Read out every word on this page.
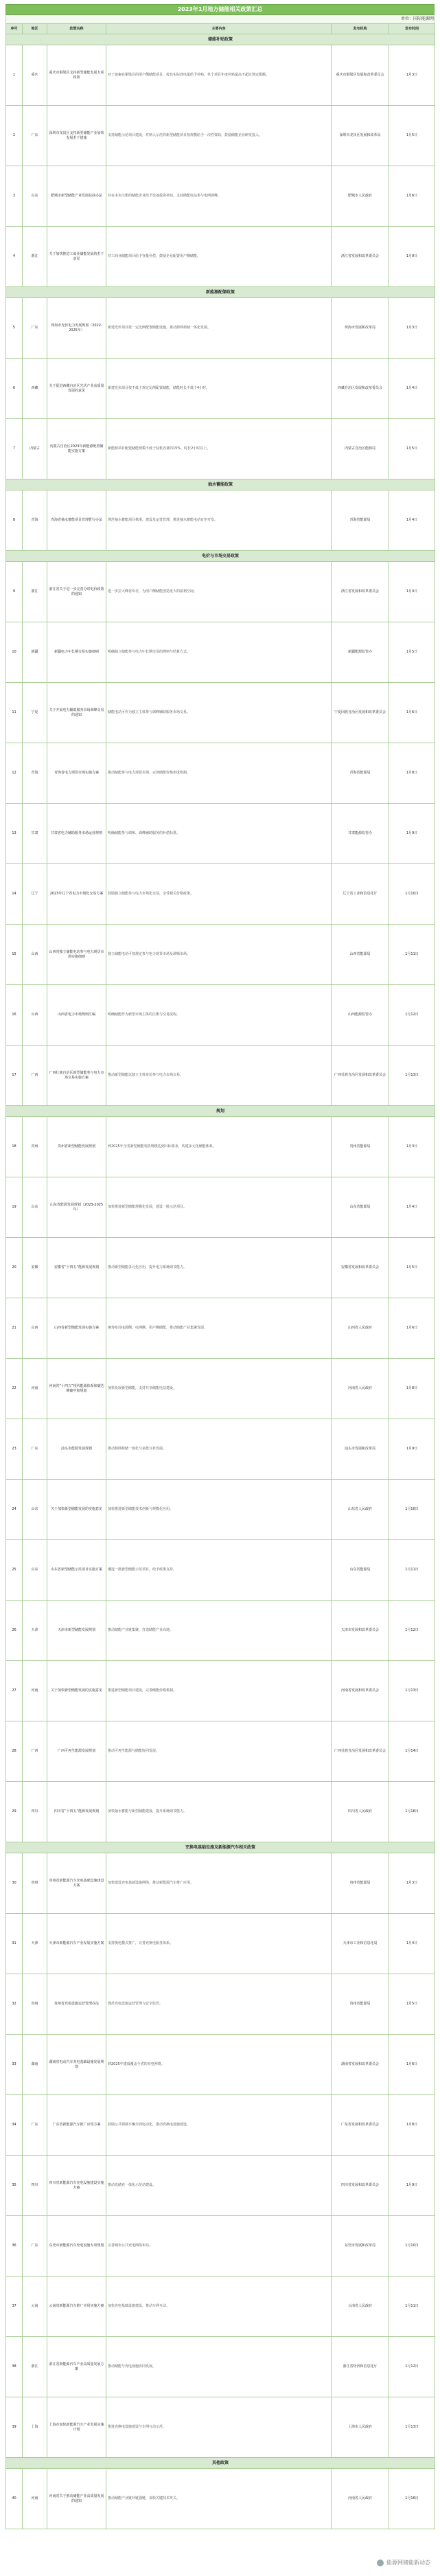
2023年1月地方储能相关政策汇总
单位：国际能源网
序号	地区	政策名称	主要内容	发布机构	发布时间
储能补贴政策					
1	重庆	重庆市铜梁区支持新型储能发展专项政策	对于备案在铜梁区的用户侧储能项目，按其实际放电量给予补贴，单个项目年度补贴最高不超过规定限额。	重庆市铜梁区发展和改革委员会	1月3日
2	广东	深圳市龙岗区支持新型储能产业加快发展若干措施	支持储能示范项目建设，对纳入示范的新型储能项目按规模给予一次性资助，鼓励储能企业研发投入。	深圳市龙岗区发展和改革局	1月5日
3	山东	肥城市新型储能产业发展扶持办法	对在本市注册的储能企业给予设备投资补助，支持储能电站参与电网调峰。	肥城市人民政府	1月6日
4	浙江	关于加快推进工商业储能发展的若干意见	对工商业储能项目给予容量补偿，鼓励企业配置用户侧储能。	浙江省发展和改革委员会	1月9日
新能源配储政策					
5	广东	珠海市光伏电力发展规划（2022-2025年）	新建光伏项目按一定比例配置储能设施，推动源网荷储一体化发展。	珠海市发展和改革局	1月3日
6	西藏	关于促进西藏自治区光伏产业高质量发展的意见	新建光伏项目按不低于规定比例配置储能，储能时长不低于4小时。	西藏自治区发展和改革委员会	1月4日
7	内蒙古	内蒙古自治区2023年新能源配置储能实施方案	新能源项目配建储能规模不低于装机容量的15%，时长2小时以上。	内蒙古自治区能源局	1月5日
抽水蓄能政策					
8	青海	青海省抽水蓄能项目管理暂行办法	规范抽水蓄能项目核准、建设及运营管理，推进抽水蓄能电站有序开发。	青海省能源局	1月4日
电价与市场交易政策					
9	浙江	浙江省关于进一步完善分时电价政策的通知	进一步拉大峰谷价差，为用户侧储能创造更大的盈利空间。	浙江省发展和改革委员会	1月4日
10	新疆	新疆电力中长期交易实施细则	明确独立储能参与电力中长期交易的规则与结算方式。	新疆能源监管办	1月5日
11	宁夏	关于开展电力辅助服务市场调峰交易的通知	储能电站可作为独立主体参与调峰辅助服务市场交易。	宁夏回族自治区发展和改革委员会	1月6日
12	青海	青海省电力现货市场实施方案	推动储能参与电力现货市场，完善储能价格形成机制。	青海省能源局	1月8日
13	甘肃	甘肃省电力辅助服务市场运营规则	明确储能参与调频、调峰辅助服务的补偿标准。	甘肃能源监管办	1月9日
14	辽宁	2023年辽宁省电力市场化交易方案	鼓励独立储能参与电力市场化交易，享受相关价格政策。	辽宁省工业和信息化厅	1月10日
15	山西	山西省独立储能电站参与电力现货市场实施细则	独立储能电站可按规定参与电力现货市场及调频市场。	山西省能源局	1月11日
16	山西	山西省电力市场规则汇编	明确储能作为新型市场主体的注册与交易流程。	山西能源监管办	1月12日
17	广西	广西壮族自治区新型储能参与电力市场交易实施方案	推动新型储能以独立主体身份参与电力市场交易。	广西壮族自治区发展和改革委员会	1月13日
规划					
18	贵州	贵州省新型储能发展规划	到2025年全省新型储能装机规模达到目标要求，构建多元化储能体系。	贵州省能源局	1月3日
19	山东	山东省能源发展规划（2023-2025年）	加快推进新型储能规模化发展，建设一批示范项目。	山东省能源局	1月4日
20	安徽	安徽省“十四五”能源发展规划	推动新型储能多元化应用，提升电力系统调节能力。	安徽省发展和改革委员会	1月5日
21	山西	山西省新型储能发展实施方案	统筹布局电源侧、电网侧、用户侧储能，推动储能产业集聚发展。	山西省人民政府	1月6日
22	河南	河南省“十四五”现代能源体系和碳达峰碳中和规划	加快发展新型储能，支持共享储能电站建设。	河南省人民政府	1月8日
23	广东	汕头市能源发展规划	推动源网荷储一体化与多能互补发展。	汕头市发展和改革局	1月9日
24	山东	关于加快新型储能发展的实施意见	加快推进新型储能技术创新与规模化应用。	山东省人民政府	1月10日
25	山东	山东省新型储能示范项目实施方案	遴选一批新型储能示范项目，给予政策支持。	山东省能源局	1月11日
26	天津	天津市新型储能发展规划	推动储能产业链集聚，打造储能产业高地。	天津市发展和改革委员会	1月12日
27	河南	关于加快新型储能发展的实施意见	推进新型储能项目建设，完善储能价格机制。	河南省发展和改革委员会	1月13日
28	广西	广西可再生能源发展规划	推动可再生能源与储能协同发展。	广西壮族自治区发展和改革委员会	1月14日
29	四川	四川省“十四五”能源发展规划	加快抽水蓄能与新型储能建设，提升系统调节能力。	四川省人民政府	1月16日
充换电基础设施及新能源汽车相关政策					
30	贵州	贵州省新能源汽车充电基础设施建设方案	加快建设充电基础设施网络，推动新能源汽车推广应用。	贵州省能源局	1月3日
31	天津	天津市新能源汽车产业发展实施方案	支持换电模式推广，完善充换电服务体系。	天津市工业和信息化局	1月4日
32	贵州	贵州省充电设施运营管理办法	规范充电设施运营管理与安全监管。	贵州省能源局	1月5日
33	湖南	湖南省电动汽车充电基础设施发展规划	到2025年建成覆盖全省的充电网络。	湖南省发展和改革委员会	1月6日
34	广东	广东省新能源汽车推广应用方案	鼓励公共领域车辆全面电动化，推动充换电设施建设。	广东省发展和改革委员会	1月8日
35	四川	四川省新能源汽车充电设施建设实施方案	推动光储充一体化示范站建设。	四川省发展和改革委员会	1月9日
36	广东	东莞市新能源汽车充电设施专项规划	完善城市公共充电网络布局。	东莞市发展和改革局	1月10日
37	云南	云南省新能源汽车推广应用实施方案	加快充电基础设施建设，推动车网互动。	云南省人民政府	1月11日
38	浙江	浙江省新能源汽车产业高质量发展方案	推动储能与充电设施协同发展。	浙江省经济和信息化厅	1月12日
39	上海	上海市加快新能源汽车产业发展实施计划	推进充换电设施建设与车网互动示范。	上海市人民政府	1月13日
其他政策					
40	河南	河南省关于推动储能产业高质量发展的通知	推动储能产业链补链强链，加快关键技术攻关。	河南省人民政府	1月16日
能源网储能新动态
